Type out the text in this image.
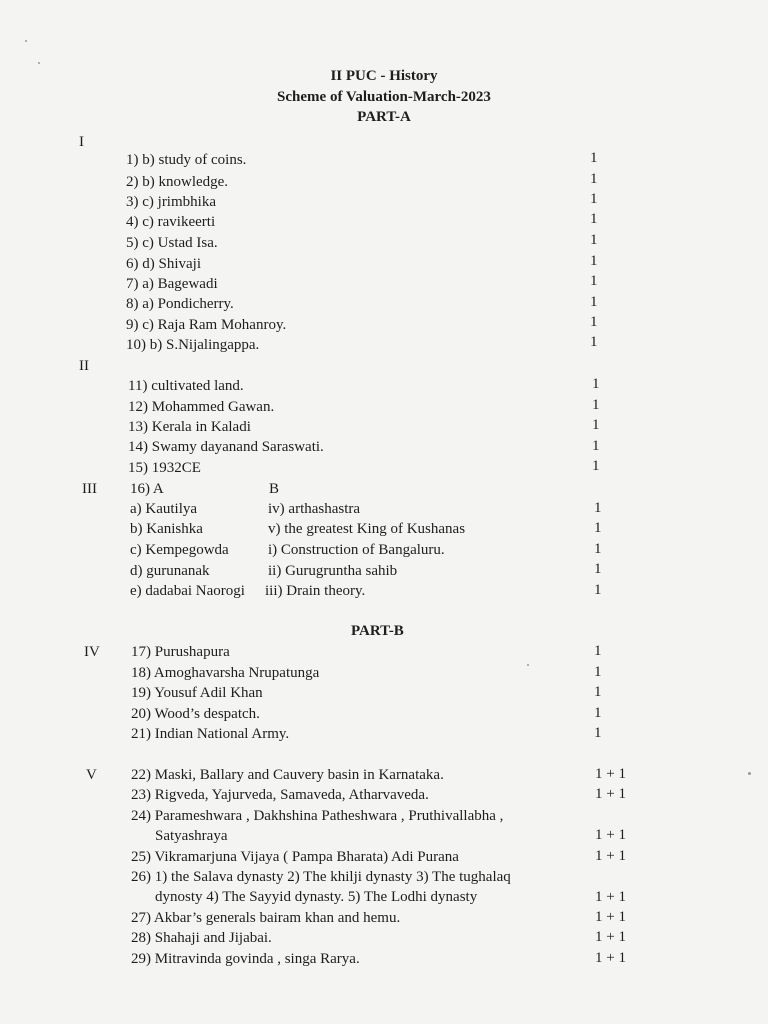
II PUC - History
Scheme of Valuation-March-2023
PART-A
I
1) b) study of coins.	1
2) b) knowledge.	1
3) c) jrimbhika	1
4) c) ravikeerti	1
5) c) Ustad Isa.	1
6) d) Shivaji	1
7) a) Bagewadi	1
8) a) Pondicherry.	1
9) c) Raja Ram Mohanroy.	1
10) b) S.Nijalingappa.	1
II
11) cultivated land.	1
12) Mohammed Gawan.	1
13) Kerala in Kaladi	1
14) Swamy dayanand Saraswati.	1
15) 1932CE	1
III 16) A	B
a) Kautilya	iv) arthashastra	1
b) Kanishka	v) the greatest King of Kushanas	1
c) Kempegowda	i) Construction of Bangaluru.	1
d) gurunanak	ii) Gurugruntha sahib	1
e) dadabai Naorogi iii) Drain theory.	1
PART-B
IV 17) Purushapura	1
18) Amoghavarsha Nrupatunga	1
19) Yousuf Adil Khan	1
20) Wood’s despatch.	1
21) Indian National Army.	1
V 22) Maski, Ballary and Cauvery basin in Karnataka.	1 + 1
23) Rigveda, Yajurveda, Samaveda, Atharvaveda.	1 + 1
24) Parameshwara , Dakhshina Patheshwara , Pruthivallabha ,
Satyashraya	1 + 1
25) Vikramarjuna Vijaya ( Pampa Bharata) Adi Purana	1 + 1
26) 1) the Salava dynasty 2) The khilji dynasty 3) The tughalaq
dynosty 4) The Sayyid dynasty. 5) The Lodhi dynasty	1 + 1
27) Akbar’s generals bairam khan and hemu.	1 + 1
28) Shahaji and Jijabai.	1 + 1
29) Mitravinda govinda , singa Rarya.	1 + 1
